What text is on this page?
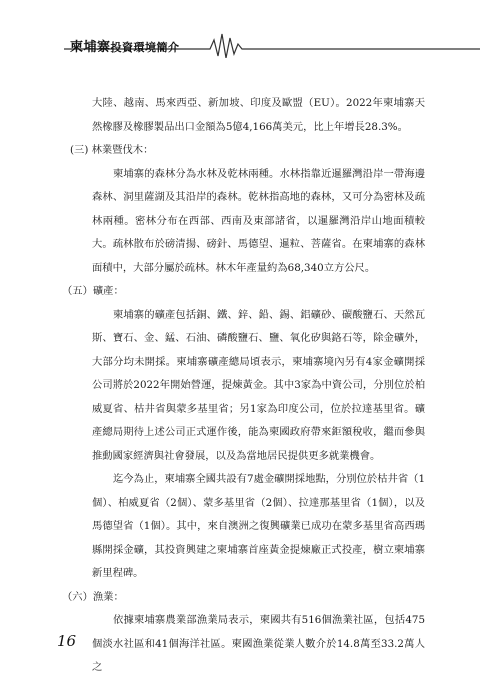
柬埔寨投資環境簡介

大陸、越南、馬來西亞、新加坡、印度及歐盟（EU）。2022年柬埔寨天然橡膠及橡膠製品出口金額為5億4,166萬美元，比上年增長28.3%。

(三) 林業暨伐木：

柬埔寨的森林分為水林及乾林兩種。水林指靠近暹羅灣沿岸一帶海邊森林、洞里薩湖及其沿岸的森林。乾林指高地的森林，又可分為密林及疏林兩種。密林分布在西部、西南及東部諸省，以暹羅灣沿岸山地面積較大。疏林散布於磅清揚、磅針、馬德望、暹粒、菩薩省。在柬埔寨的森林面積中，大部分屬於疏林。林木年產量約為68,340立方公尺。

（五）礦產：

柬埔寨的礦產包括銅、鐵、鋅、鉛、錫、鋁礦砂、碳酸鹽石、天然瓦斯、寶石、金、錳、石油、磷酸鹽石、鹽、氧化矽與鉻石等，除金礦外，大部分均未開採。柬埔寨礦產總局頃表示，柬埔寨境內另有4家金礦開採公司將於2022年開始營運，提煉黃金。其中3家為中資公司，分別位於柏威夏省、枯井省與蒙多基里省；另1家為印度公司，位於拉達基里省。礦產總局期待上述公司正式運作後，能為柬國政府帶來鉅額稅收，繼而參與推動國家經濟與社會發展，以及為當地居民提供更多就業機會。

迄今為止，柬埔寨全國共設有7處金礦開採地點，分別位於枯井省（1個）、柏威夏省（2個）、蒙多基里省（2個）、拉達那基里省（1個），以及馬德望省（1個）。其中，來自澳洲之復興礦業已成功在蒙多基里省高西瑪縣開採金礦，其投資興建之柬埔寨首座黃金提煉廠正式投產，樹立柬埔寨新里程碑。

（六）漁業：

依據柬埔寨農業部漁業局表示，柬國共有516個漁業社區，包括475個淡水社區和41個海洋社區。柬國漁業從業人數介於14.8萬至33.2萬人之

16
